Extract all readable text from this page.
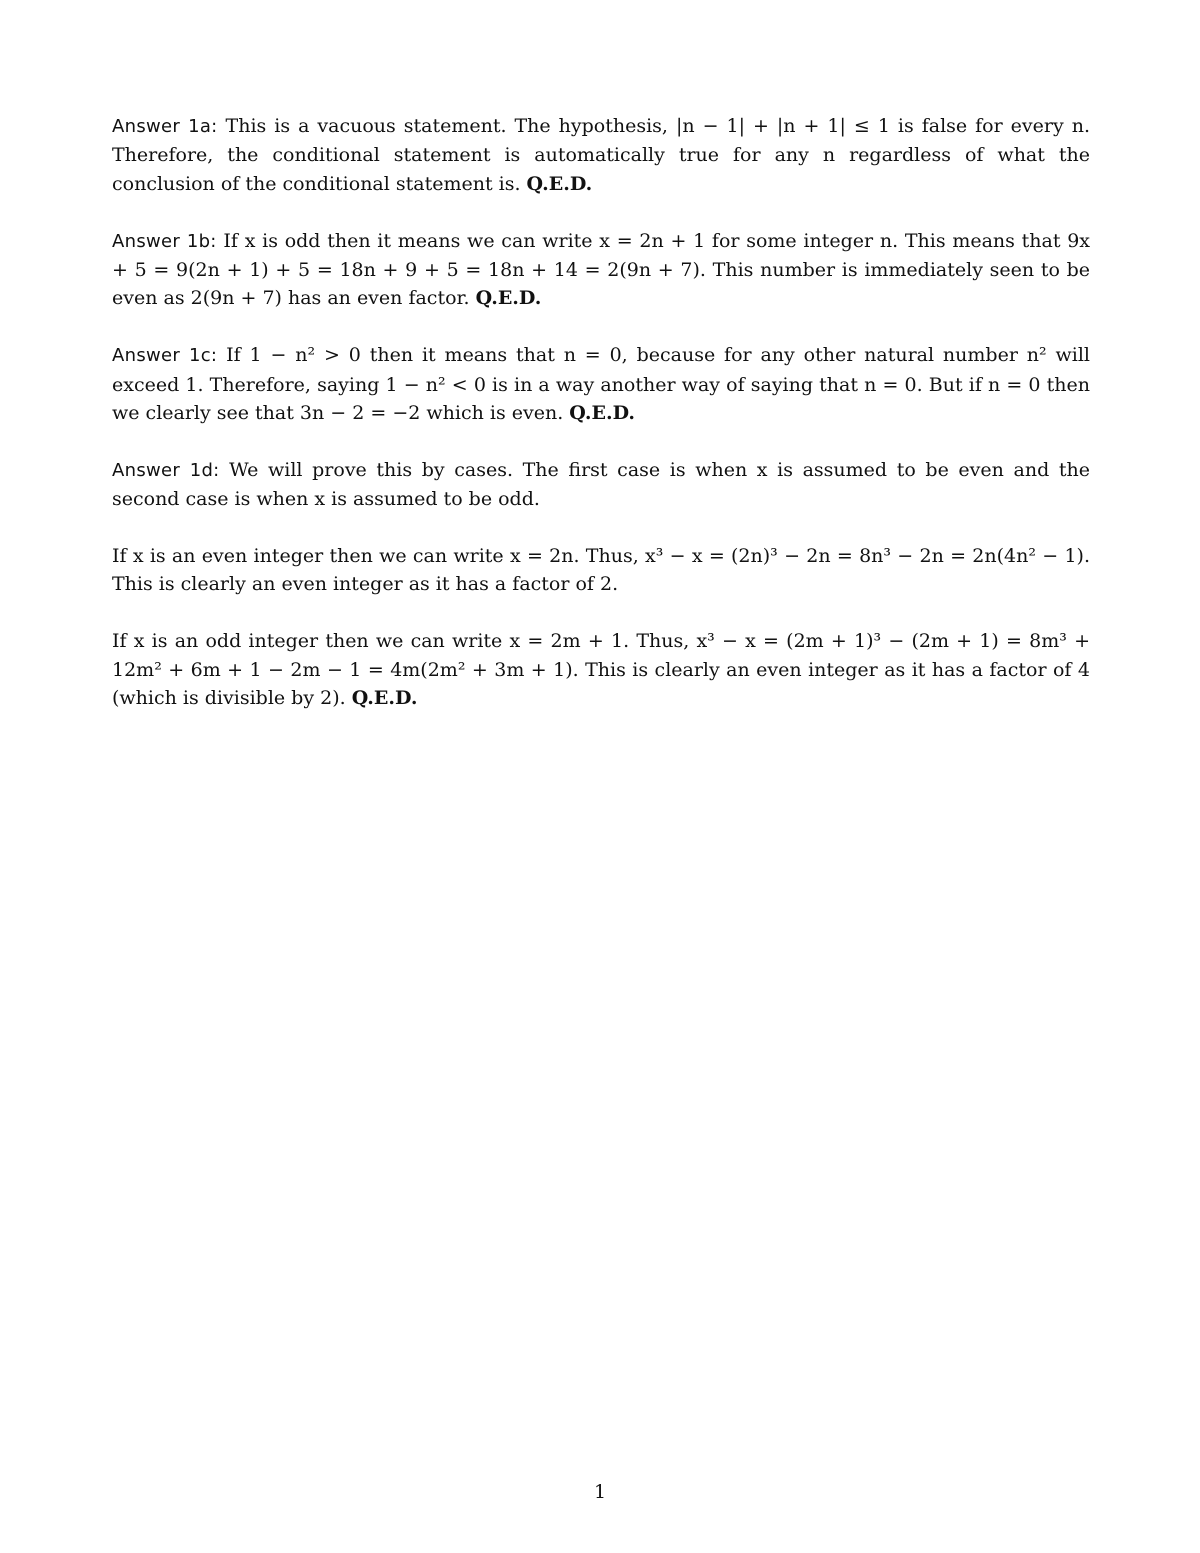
Answer 1a: This is a vacuous statement. The hypothesis, |n − 1| + |n + 1| ≤ 1 is false for every n. Therefore, the conditional statement is automatically true for any n regardless of what the conclusion of the conditional statement is. Q.E.D.

Answer 1b: If x is odd then it means we can write x = 2n + 1 for some integer n. This means that 9x + 5 = 9(2n + 1) + 5 = 18n + 9 + 5 = 18n + 14 = 2(9n + 7). This number is immediately seen to be even as 2(9n + 7) has an even factor. Q.E.D.

Answer 1c: If 1 − n² > 0 then it means that n = 0, because for any other natural number n² will exceed 1. Therefore, saying 1 − n² < 0 is in a way another way of saying that n = 0. But if n = 0 then we clearly see that 3n − 2 = −2 which is even. Q.E.D.

Answer 1d: We will prove this by cases. The first case is when x is assumed to be even and the second case is when x is assumed to be odd.

If x is an even integer then we can write x = 2n. Thus, x³ − x = (2n)³ − 2n = 8n³ − 2n = 2n(4n² − 1). This is clearly an even integer as it has a factor of 2.

If x is an odd integer then we can write x = 2m + 1. Thus, x³ − x = (2m + 1)³ − (2m + 1) = 8m³ + 12m² + 6m + 1 − 2m − 1 = 4m(2m² + 3m + 1). This is clearly an even integer as it has a factor of 4 (which is divisible by 2). Q.E.D.

1
